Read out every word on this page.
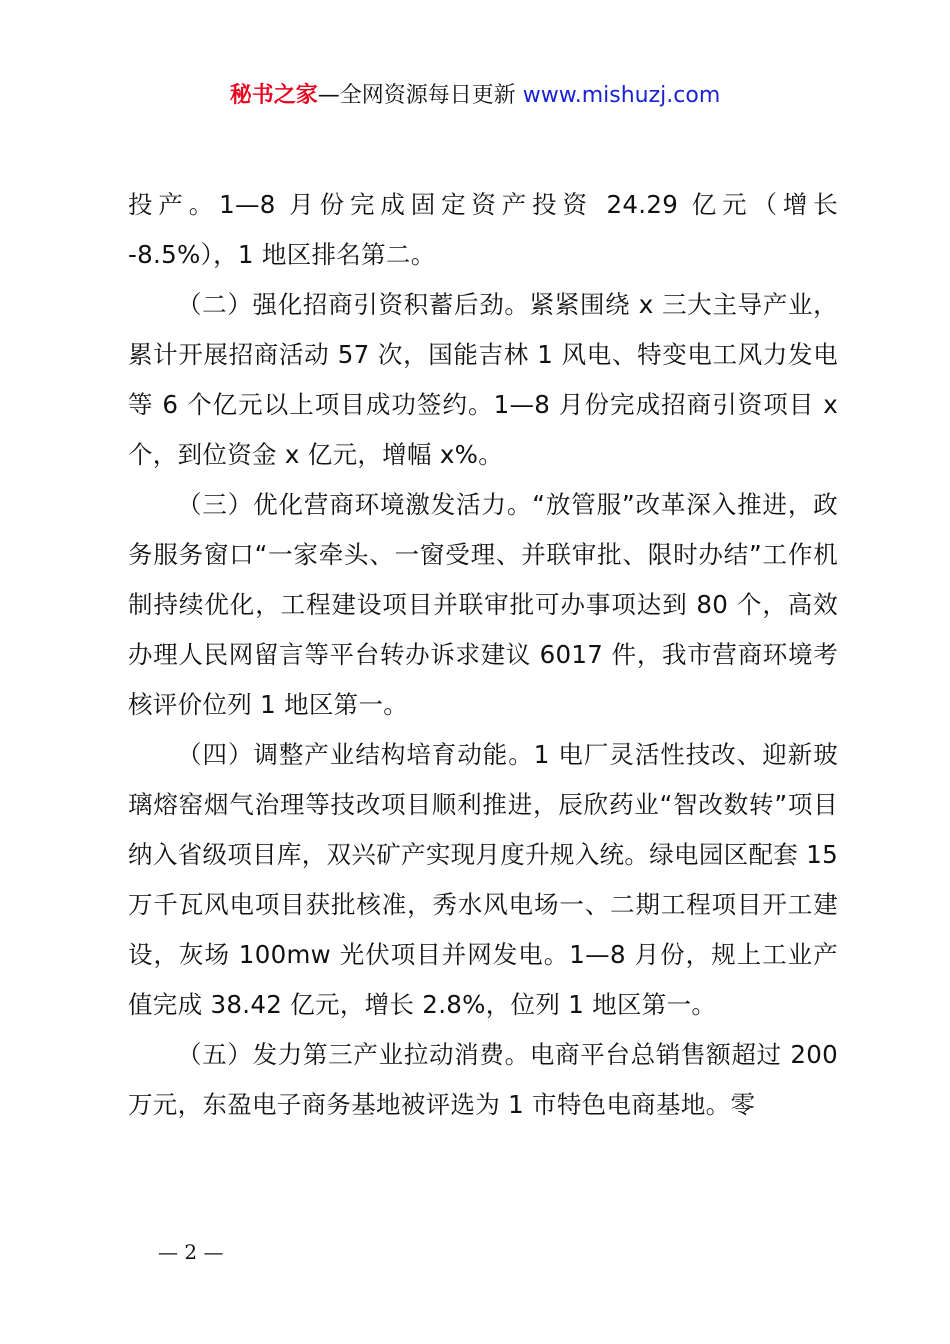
秘书之家—全网资源每日更新 www.mishuzj.com

投产。1—8 月份完成固定资产投资 24.29 亿元（增长 -8.5%），1 地区排名第二。

（二）强化招商引资积蓄后劲。紧紧围绕 x 三大主导产业，累计开展招商活动 57 次，国能吉林 1 风电、特变电工风力发电等 6 个亿元以上项目成功签约。1—8 月份完成招商引资项目 x 个，到位资金 x 亿元，增幅 x%。

（三）优化营商环境激发活力。“放管服”改革深入推进，政务服务窗口“一家牵头、一窗受理、并联审批、限时办结”工作机制持续优化，工程建设项目并联审批可办事项达到 80 个，高效办理人民网留言等平台转办诉求建议 6017 件，我市营商环境考核评价位列 1 地区第一。

（四）调整产业结构培育动能。1 电厂灵活性技改、迎新玻璃熔窑烟气治理等技改项目顺利推进，辰欣药业“智改数转”项目纳入省级项目库，双兴矿产实现月度升规入统。绿电园区配套 15 万千瓦风电项目获批核准，秀水风电场一、二期工程项目开工建设，灰场 100mw 光伏项目并网发电。1—8 月份，规上工业产值完成 38.42 亿元，增长 2.8%，位列 1 地区第一。

（五）发力第三产业拉动消费。电商平台总销售额超过 200 万元，东盈电子商务基地被评选为 1 市特色电商基地。零

— 2 —
